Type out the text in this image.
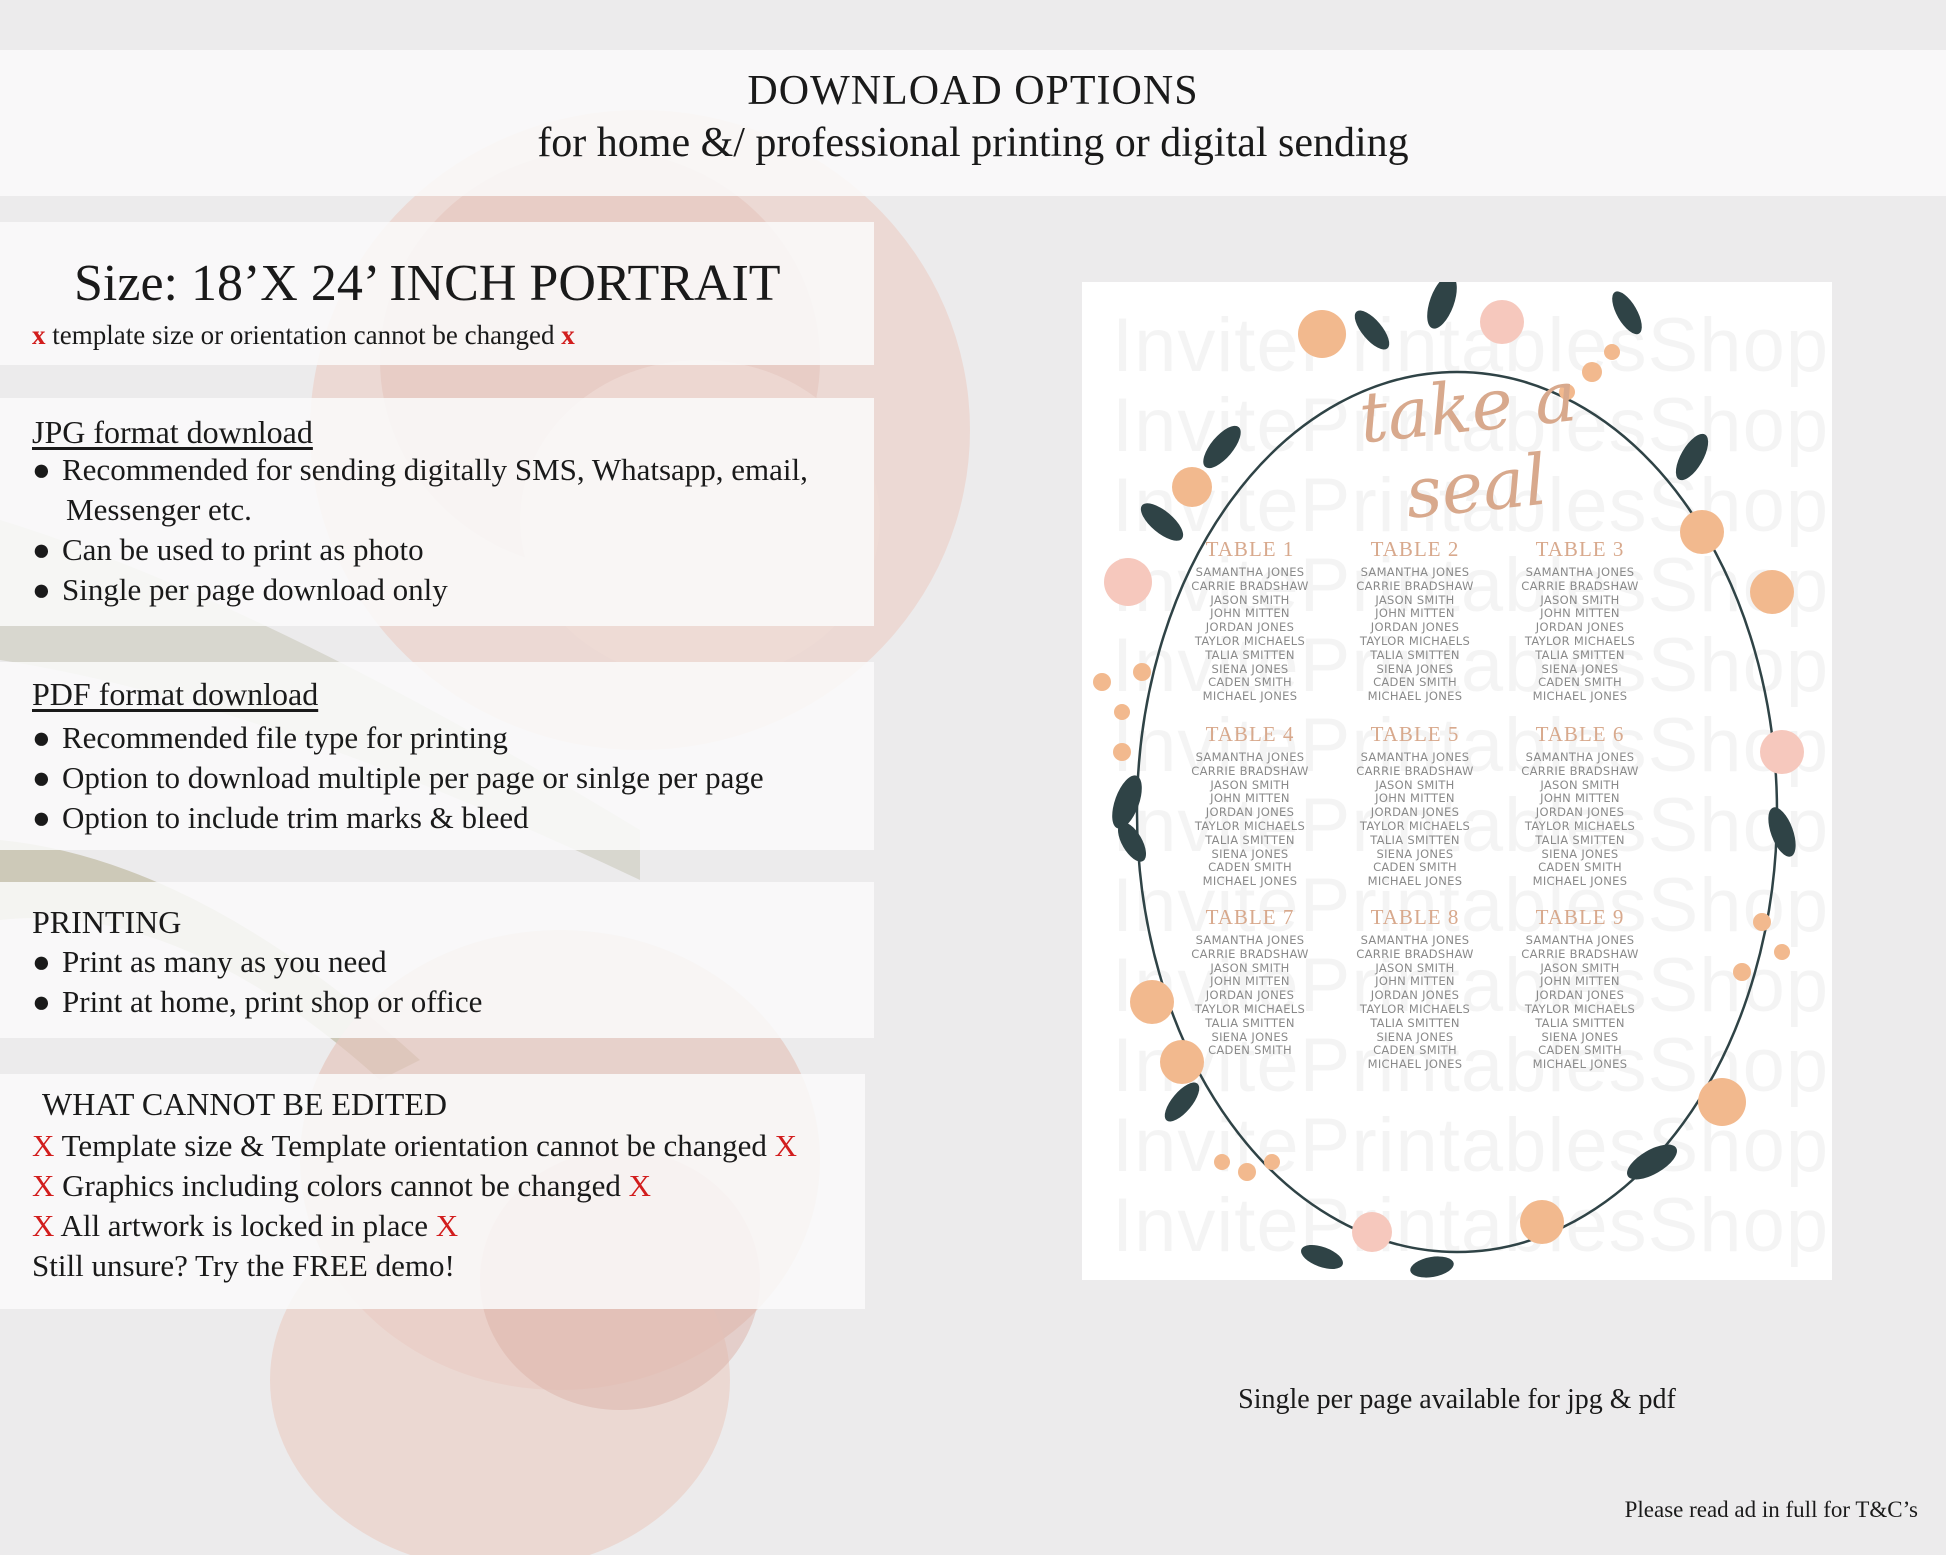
DOWNLOAD OPTIONS
for home &/ professional printing or digital sending
Size: 18’X 24’ INCH PORTRAIT
x template size or orientation cannot be changed x
JPG format download
● Recommended for sending digitally SMS, Whatsapp, email,
Messenger etc.
● Can be used to print as photo
● Single per page download only
PDF format download
● Recommended file type for printing
● Option to download multiple per page or sinlge per page
● Option to include trim marks & bleed
PRINTING
● Print as many as you need
● Print at home, print shop or office
WHAT CANNOT BE EDITED
X Template size & Template orientation cannot be changed X
X Graphics including colors cannot be changed X
X All artwork is locked in place X
Still unsure? Try the FREE demo!
take a
seal
TABLE 1
SAMANTHA JONES
CARRIE BRADSHAW
JASON SMITH
JOHN MITTEN
JORDAN JONES
TAYLOR MICHAELS
TALIA SMITTEN
SIENA JONES
CADEN SMITH
MICHAEL JONES
TABLE 2
SAMANTHA JONES
CARRIE BRADSHAW
JASON SMITH
JOHN MITTEN
JORDAN JONES
TAYLOR MICHAELS
TALIA SMITTEN
SIENA JONES
CADEN SMITH
MICHAEL JONES
TABLE 3
SAMANTHA JONES
CARRIE BRADSHAW
JASON SMITH
JOHN MITTEN
JORDAN JONES
TAYLOR MICHAELS
TALIA SMITTEN
SIENA JONES
CADEN SMITH
MICHAEL JONES
TABLE 4
SAMANTHA JONES
CARRIE BRADSHAW
JASON SMITH
JOHN MITTEN
JORDAN JONES
TAYLOR MICHAELS
TALIA SMITTEN
SIENA JONES
CADEN SMITH
MICHAEL JONES
TABLE 5
SAMANTHA JONES
CARRIE BRADSHAW
JASON SMITH
JOHN MITTEN
JORDAN JONES
TAYLOR MICHAELS
TALIA SMITTEN
SIENA JONES
CADEN SMITH
MICHAEL JONES
TABLE 6
SAMANTHA JONES
CARRIE BRADSHAW
JASON SMITH
JOHN MITTEN
JORDAN JONES
TAYLOR MICHAELS
TALIA SMITTEN
SIENA JONES
CADEN SMITH
MICHAEL JONES
TABLE 7
SAMANTHA JONES
CARRIE BRADSHAW
JASON SMITH
JOHN MITTEN
JORDAN JONES
TAYLOR MICHAELS
TALIA SMITTEN
SIENA JONES
CADEN SMITH
TABLE 8
SAMANTHA JONES
CARRIE BRADSHAW
JASON SMITH
JOHN MITTEN
JORDAN JONES
TAYLOR MICHAELS
TALIA SMITTEN
SIENA JONES
CADEN SMITH
MICHAEL JONES
TABLE 9
SAMANTHA JONES
CARRIE BRADSHAW
JASON SMITH
JOHN MITTEN
JORDAN JONES
TAYLOR MICHAELS
TALIA SMITTEN
SIENA JONES
CADEN SMITH
MICHAEL JONES
Single per page available for jpg & pdf
Please read ad in full for T&C’s
